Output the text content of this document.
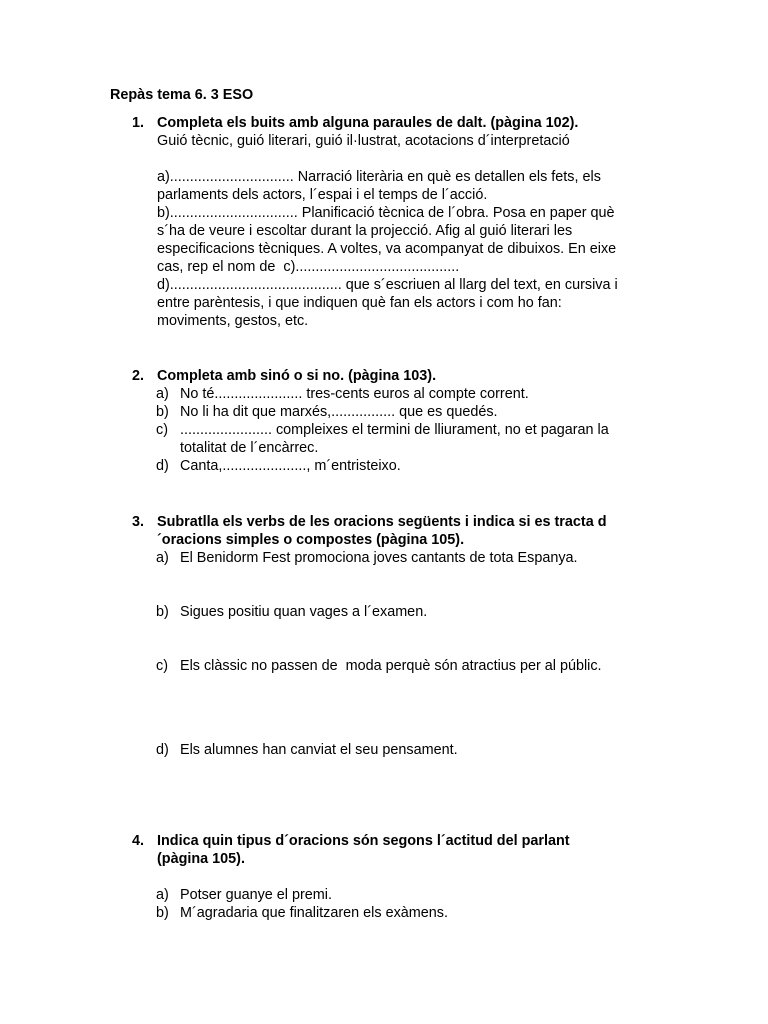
Repàs tema 6. 3 ESO
1. Completa els buits amb alguna paraules de dalt. (pàgina 102).
Guió tècnic, guió literari, guió il·lustrat, acotacions d´interpretació
a)............................... Narració literària en què es detallen els fets, els
parlaments dels actors, l´espai i el temps de l´acció.
b)................................ Planificació tècnica de l´obra. Posa en paper què
s´ha de veure i escoltar durant la projecció. Afig al guió literari les
especificacions tècniques. A voltes, va acompanyat de dibuixos. En eixe
cas, rep el nom de  c).........................................
d)........................................... que s´escriuen al llarg del text, en cursiva i
entre parèntesis, i que indiquen què fan els actors i com ho fan:
moviments, gestos, etc.
2. Completa amb sinó o si no. (pàgina 103).
a) No té...................... tres-cents euros al compte corrent.
b) No li ha dit que marxés,................ que es quedés.
c) ....................... compleixes el termini de lliurament, no et pagaran la
totalitat de l´encàrrec.
d) Canta,....................., m´entristeixo.
3. Subratlla els verbs de les oracions següents i indica si es tracta d
´oracions simples o compostes (pàgina 105).
a) El Benidorm Fest promociona joves cantants de tota Espanya.
b) Sigues positiu quan vages a l´examen.
c) Els clàssic no passen de  moda perquè són atractius per al públic.
d) Els alumnes han canviat el seu pensament.
4. Indica quin tipus d´oracions són segons l´actitud del parlant
(pàgina 105).
a) Potser guanye el premi.
b) M´agradaria que finalitzaren els exàmens.
